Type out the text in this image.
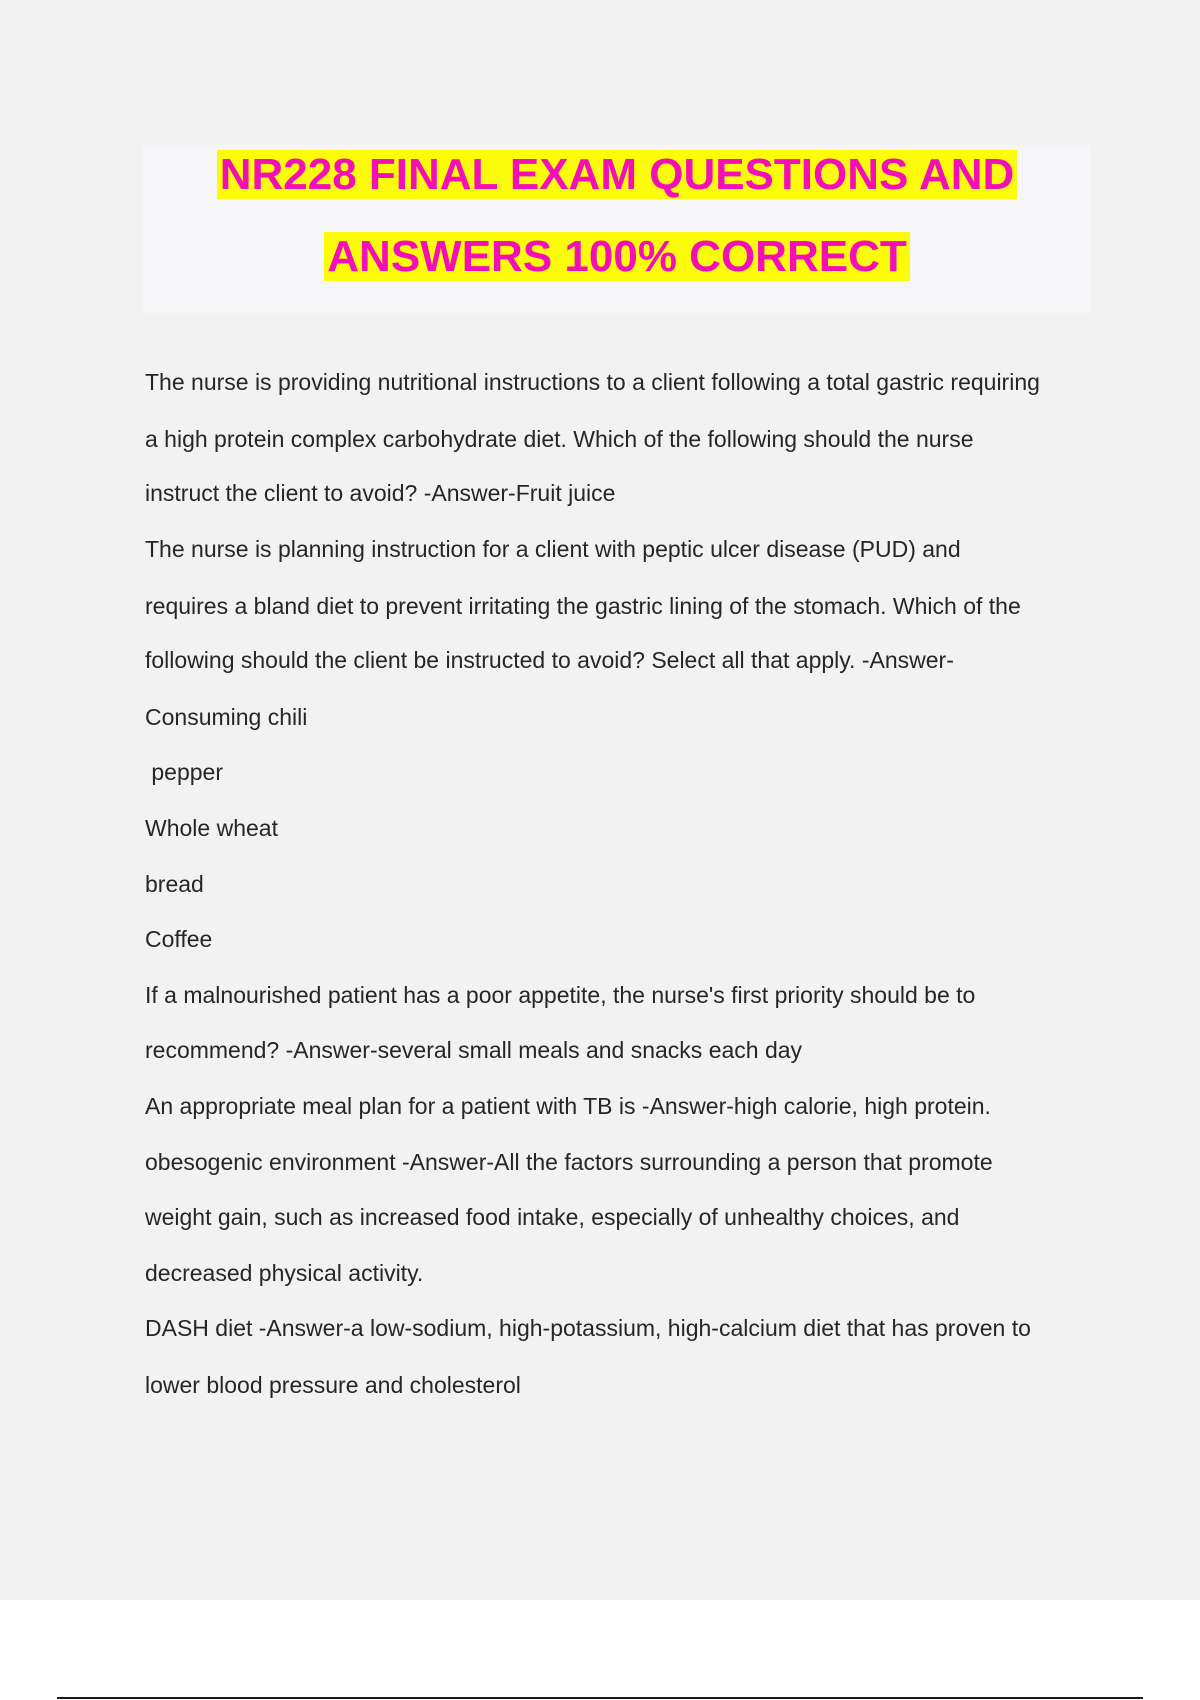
NR228 FINAL EXAM QUESTIONS AND
ANSWERS 100% CORRECT
The nurse is providing nutritional instructions to a client following a total gastric requiring
a high protein complex carbohydrate diet. Which of the following should the nurse
instruct the client to avoid? -Answer-Fruit juice
The nurse is planning instruction for a client with peptic ulcer disease (PUD) and
requires a bland diet to prevent irritating the gastric lining of the stomach. Which of the
following should the client be instructed to avoid? Select all that apply. -Answer-
Consuming chili
pepper
Whole wheat
bread
Coffee
If a malnourished patient has a poor appetite, the nurse's first priority should be to
recommend? -Answer-several small meals and snacks each day
An appropriate meal plan for a patient with TB is -Answer-high calorie, high protein.
obesogenic environment -Answer-All the factors surrounding a person that promote
weight gain, such as increased food intake, especially of unhealthy choices, and
decreased physical activity.
DASH diet -Answer-a low-sodium, high-potassium, high-calcium diet that has proven to
lower blood pressure and cholesterol
